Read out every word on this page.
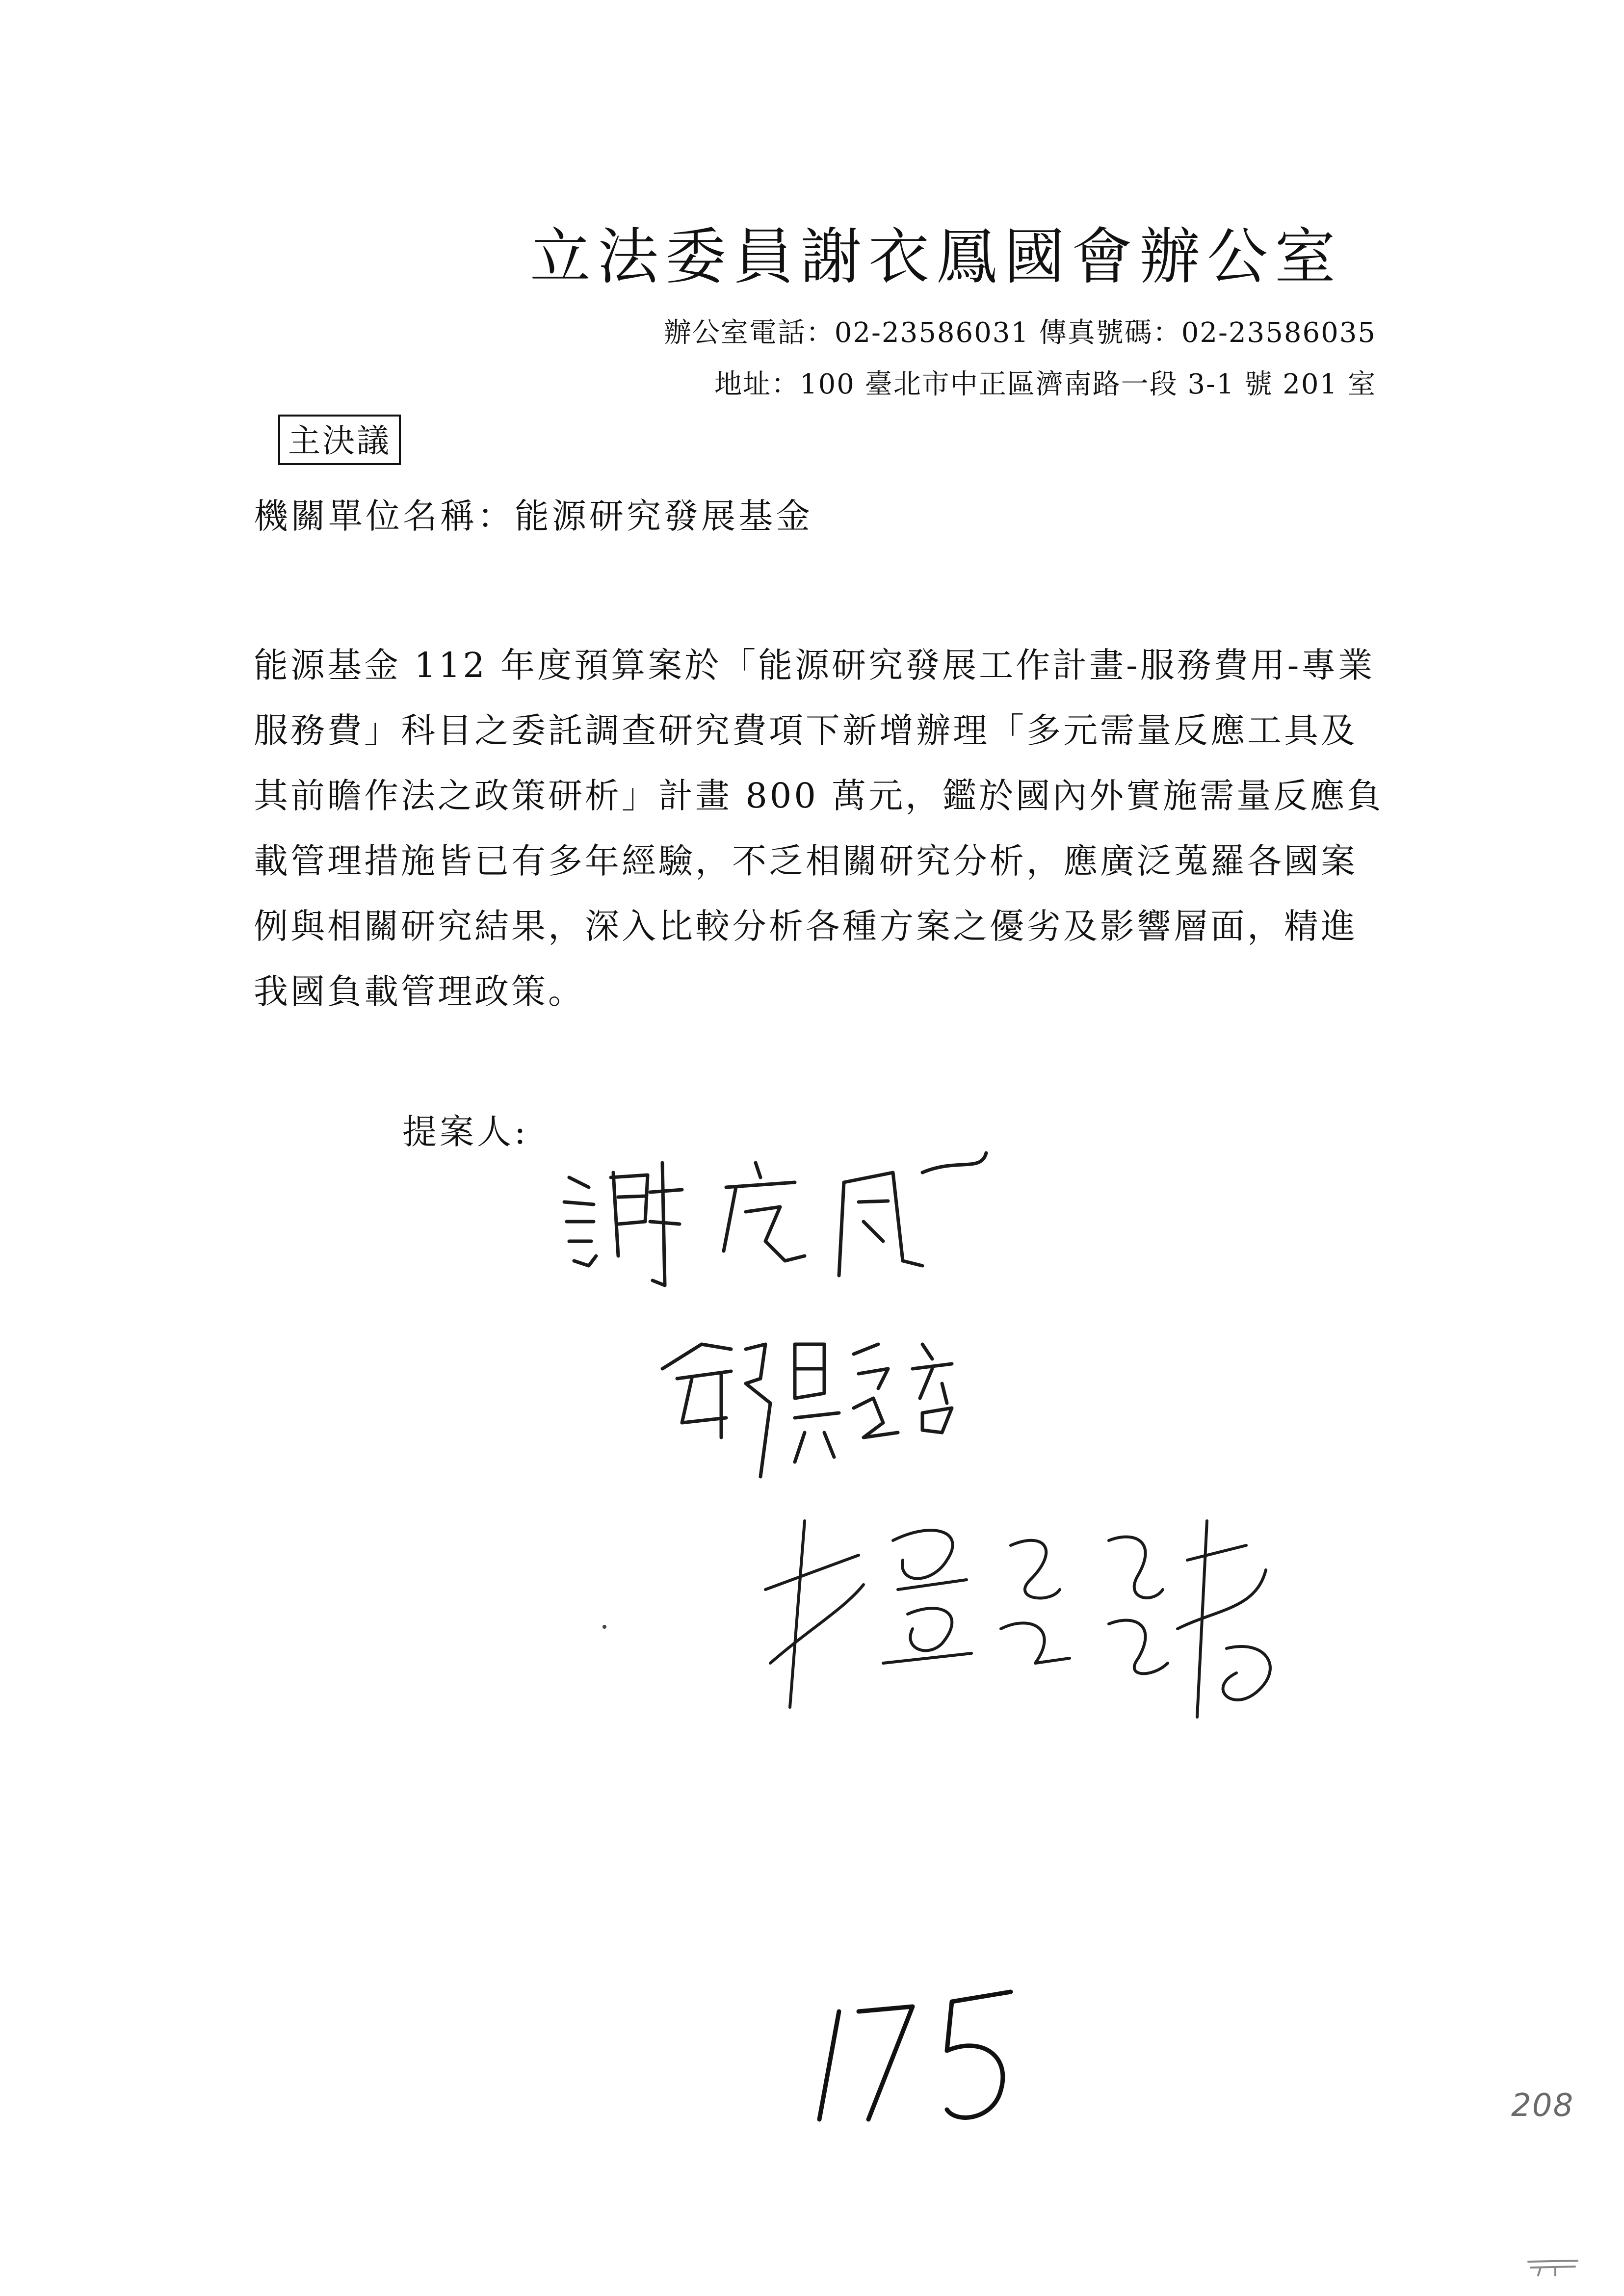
立法委員謝衣鳳國會辦公室
辦公室電話：02-23586031 傳真號碼：02-23586035
地址：100 臺北市中正區濟南路一段 3-1 號 201 室
主決議
機關單位名稱：能源研究發展基金
能源基金 112 年度預算案於「能源研究發展工作計畫-服務費用-專業
服務費」科目之委託調查研究費項下新增辦理「多元需量反應工具及
其前瞻作法之政策研析」計畫 800 萬元，鑑於國內外實施需量反應負
載管理措施皆已有多年經驗，不乏相關研究分析，應廣泛蒐羅各國案
例與相關研究結果，深入比較分析各種方案之優劣及影響層面，精進
我國負載管理政策。
提案人:
208
